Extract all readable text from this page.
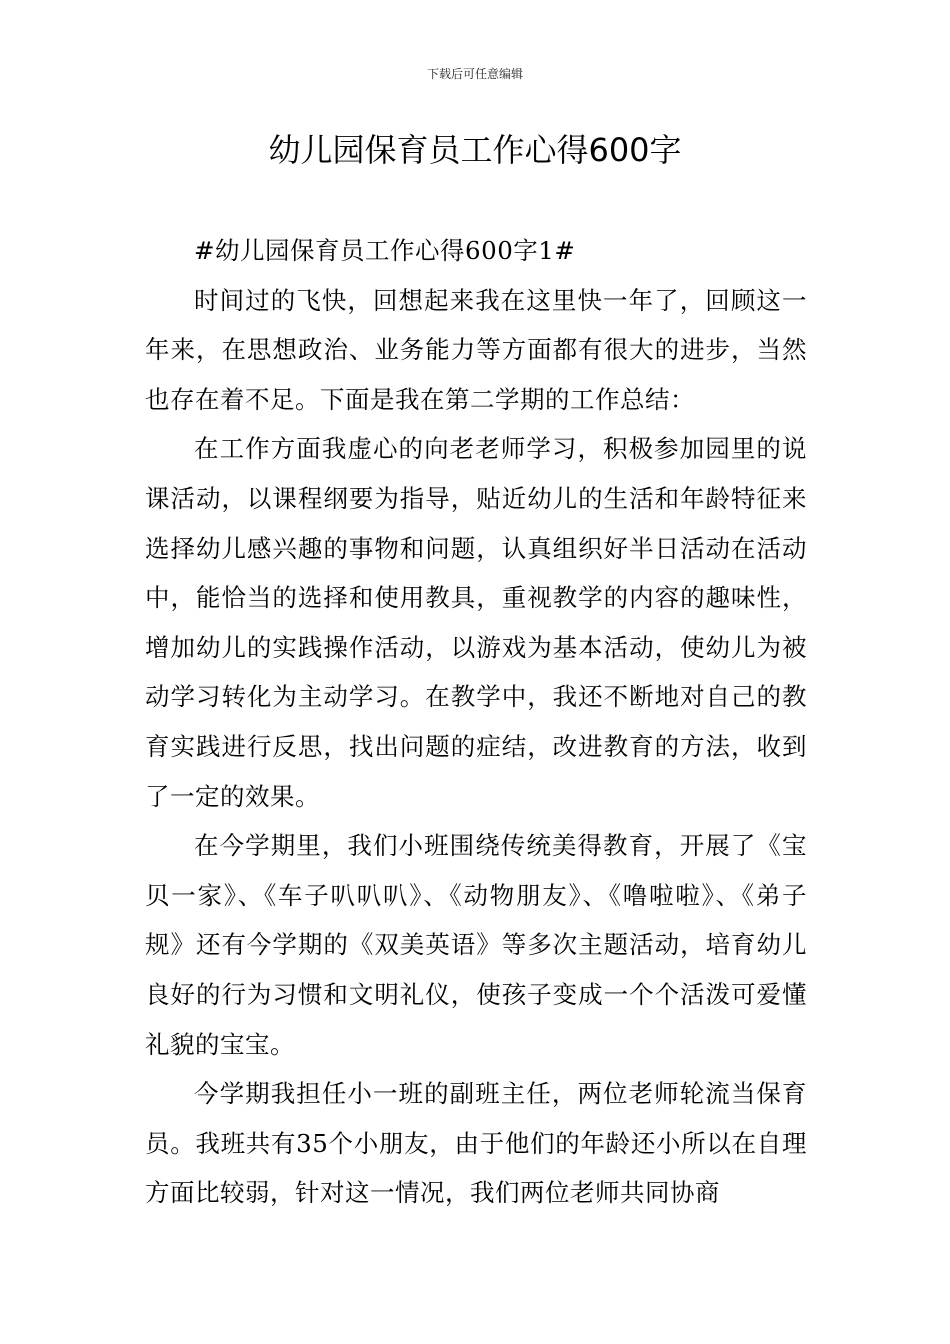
下载后可任意编辑
幼儿园保育员工作心得600字

#幼儿园保育员工作心得600字1#

时间过的飞快，回想起来我在这里快一年了，回顾这一年来，在思想政治、业务能力等方面都有很大的进步，当然也存在着不足。下面是我在第二学期的工作总结：

在工作方面我虚心的向老老师学习，积极参加园里的说课活动，以课程纲要为指导，贴近幼儿的生活和年龄特征来选择幼儿感兴趣的事物和问题，认真组织好半日活动在活动中，能恰当的选择和使用教具，重视教学的内容的趣味性，增加幼儿的实践操作活动，以游戏为基本活动，使幼儿为被动学习转化为主动学习。在教学中，我还不断地对自己的教育实践进行反思，找出问题的症结，改进教育的方法，收到了一定的效果。

在今学期里，我们小班围绕传统美得教育，开展了《宝贝一家》、《车子叭叭叭》、《动物朋友》、《噜啦啦》、《弟子规》还有今学期的《双美英语》等多次主题活动，培育幼儿良好的行为习惯和文明礼仪，使孩子变成一个个活泼可爱懂礼貌的宝宝。

今学期我担任小一班的副班主任，两位老师轮流当保育员。我班共有35个小朋友，由于他们的年龄还小所以在自理方面比较弱，针对这一情况，我们两位老师共同协商
